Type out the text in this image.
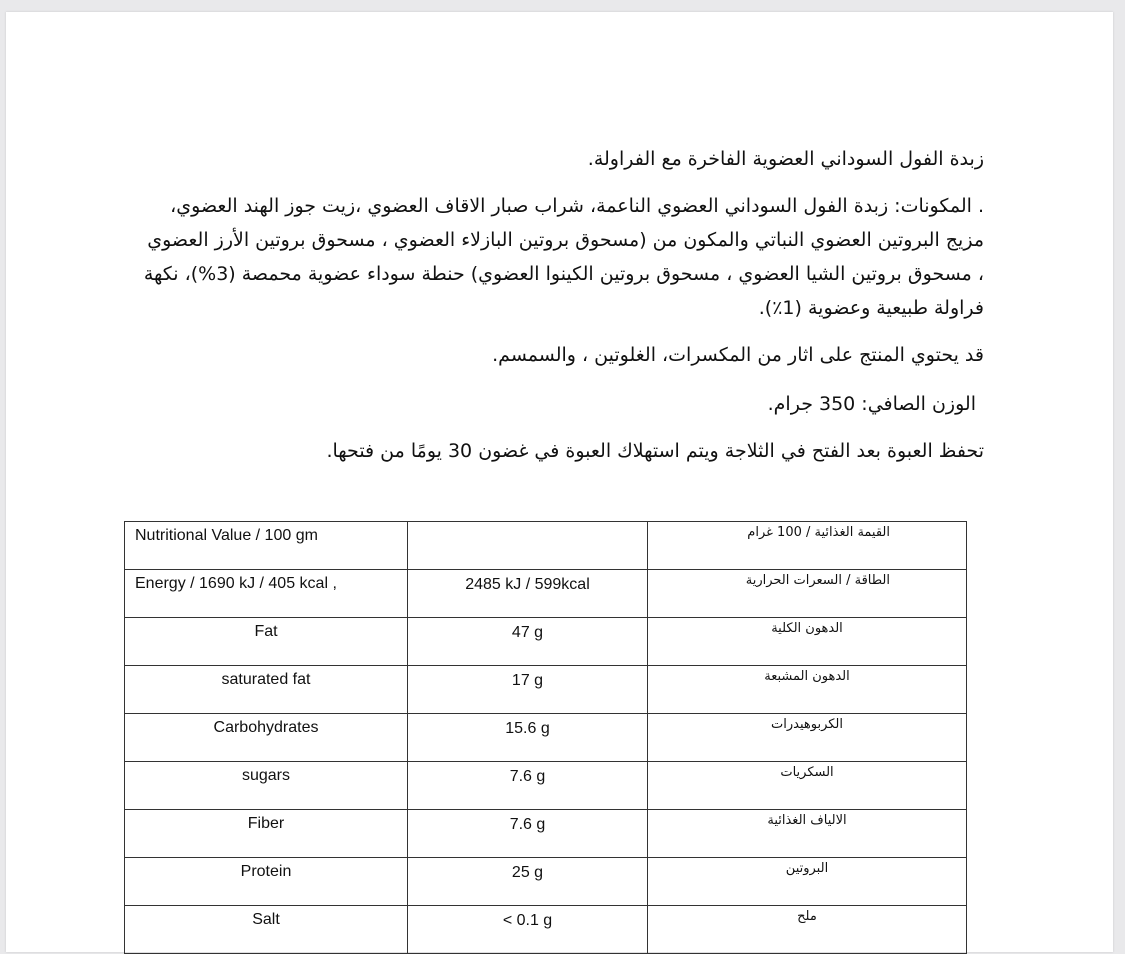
زبدة الفول السوداني العضوية الفاخرة مع الفراولة.
. المكونات: زبدة الفول السوداني العضوي الناعمة، شراب صبار الاقاف العضوي ،زيت جوز الهند العضوي، مزيج البروتين العضوي النباتي والمكون من (مسحوق بروتين البازلاء العضوي ، مسحوق بروتين الأرز العضوي ، مسحوق بروتين الشيا العضوي ، مسحوق بروتين الكينوا العضوي) حنطة سوداء عضوية محمصة (3%)، نكهة فراولة طبيعية وعضوية (1٪).
قد يحتوي المنتج على اثار من المكسرات، الغلوتين ، والسمسم.
الوزن الصافي: 350 جرام.
تحفظ العبوة بعد الفتح في الثلاجة ويتم استهلاك العبوة في غضون 30 يومًا من فتحها.
Nutritional Value / 100 gm		القيمة الغذائية / 100 غرام
Energy / 1690 kJ / 405 kcal ,	2485 kJ / 599kcal	الطاقة / السعرات الحرارية
Fat	47 g	الدهون الكلية
saturated fat	17 g	الدهون المشبعة
Carbohydrates	15.6 g	الكربوهيدرات
sugars	7.6 g	السكريات
Fiber	7.6 g	الالياف الغذائية
Protein	25 g	البروتين
Salt	< 0.1 g	ملح
